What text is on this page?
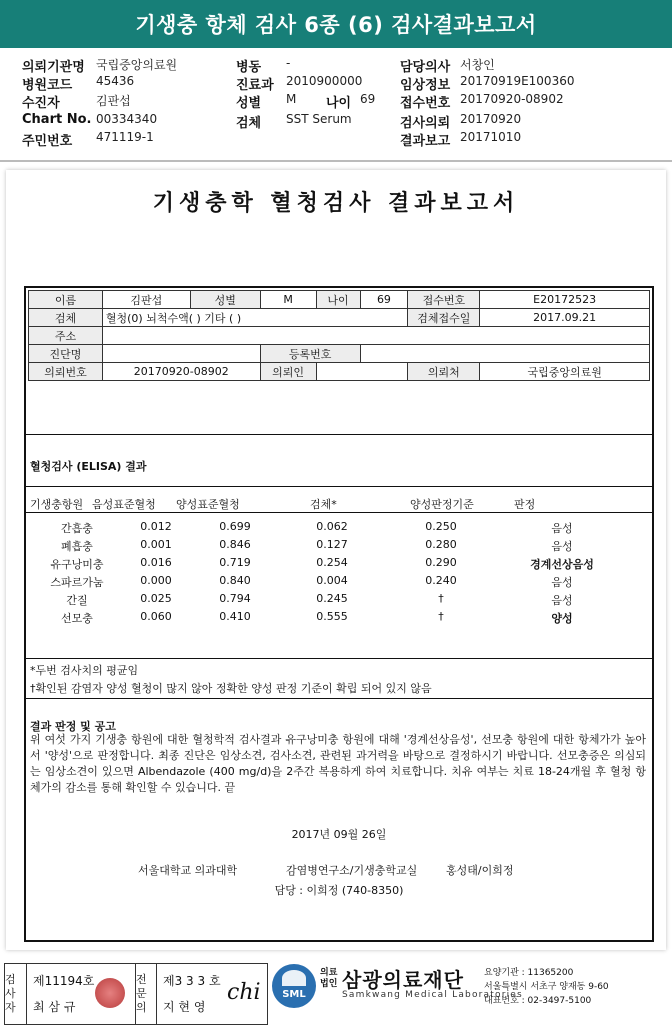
기생충 항체 검사 6종 (6) 검사결과보고서
의뢰기관명 국립중앙의료원	병동 -	담당의사 서창인
병원코드 45436	진료과 2010900000	임상정보 20170919E100360
수진자	김판섭	성별 M 나이 69 접수번호 20170920-08902
Chart No. 00334340	검체 SST Serum	검사의뢰 20170920
주민번호 471119-1	결과보고 20171010
기생충학 혈청검사 결과보고서
이름	김판섭	성별	M	나이	69	접수번호	E20172523
검체	혈청(0) 뇌척수액( ) 기타 ( )					검체접수일	2017.09.21
주소							
진단명			등록번호				
의뢰번호	20170920-08902		의뢰인			의뢰처	국립중앙의료원
혈청검사 (ELISA) 결과
기생충항원 음성표준혈청 양성표준혈청	검체*	양성판정기준	판정
*두번 검사치의 평균임
†확인된 감염자 양성 혈청이 많지 않아 정확한 양성 판정 기준이 확립 되어 있지 않음
결과 판정 및 공고
위 여섯 가지 기생충 항원에 대한 혈청학적 검사결과 유구낭미충 항원에 대해 '경계선상음성', 선모충 항원에 대한 항체가가 높아서 '양성'으로 판정합니다. 최종 진단은 임상소견, 검사소견, 관련된 과거력을 바탕으로 결정하시기 바랍니다. 선모충증은 의심되는 임상소견이 있으면 Albendazole (400 mg/d)을 2주간 복용하게 하여 치료합니다. 치유 여부는 치료 18-24개월 후 혈청 항체가의 감소를 통해 확인할 수 있습니다. 끝
2017년 09월 26일
서울대학교 의과대학	감염병연구소/기생충학교실	홍성태/이희정
담당 : 이희정 (740-8350)
간흡충	0.012	0.699	0.062	0.250	음성
폐흡충	0.001	0.846	0.127	0.280	음성
유구낭미충	0.016	0.719	0.254	0.290	경계선상음성
스파르가눔	0.000	0.840	0.004	0.240	음성
간질	0.025	0.794	0.245	†	음성
선모충	0.060	0.410	0.555	†	양성
검사자
제11194호
최 삼 규
전문의
제3 3 3 호
지 현 영
chi	SML
의료법인 삼광의료재단
Samkwang Medical Laboratories
요양기관 : 11365200
서울특별시 서초구 양재동 9-60
대표번호 : 02-3497-5100
